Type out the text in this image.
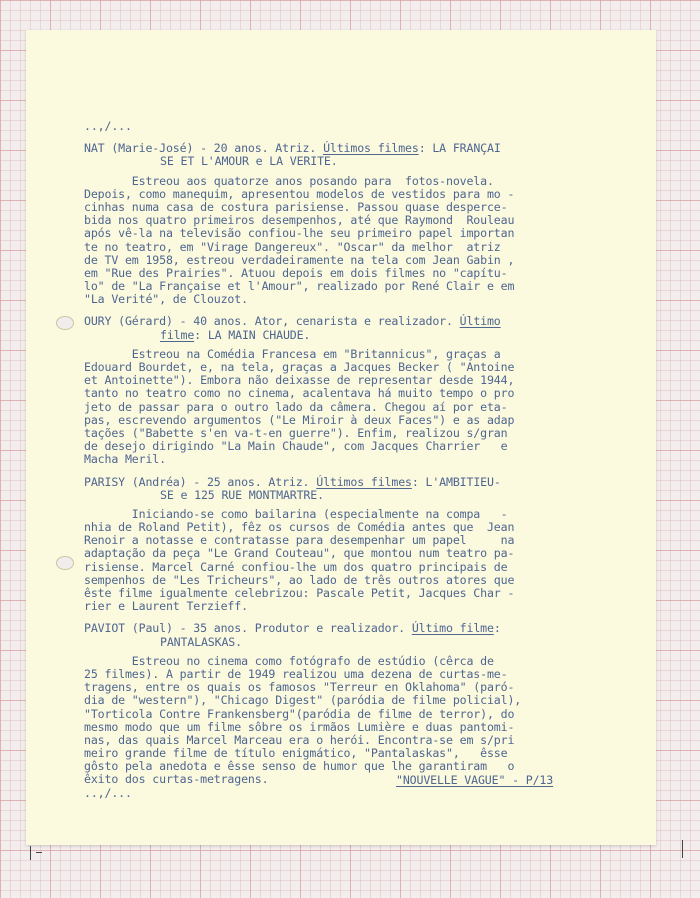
..,/...
NAT (Marie-José) - 20 anos. Atriz. Últimos filmes: LA FRANÇAI
SE ET L'AMOUR e LA VERITE.
Estreou aos quatorze anos posando para  fotos-novela.
Depois, como manequim, apresentou modelos de vestidos para mo -
cinhas numa casa de costura parisiense. Passou quase desperce-
bida nos quatro primeiros desempenhos, até que Raymond  Rouleau
após vê-la na televisão confiou-lhe seu primeiro papel importan
te no teatro, em "Virage Dangereux". "Oscar" da melhor  atriz
de TV em 1958, estreou verdadeiramente na tela com Jean Gabin ,
em "Rue des Prairies". Atuou depois em dois filmes no "capítu-
lo" de "La Française et l'Amour", realizado por René Clair e em
"La Verité", de Clouzot.
OURY (Gérard) - 40 anos. Ator, cenarista e realizador. Último
filme: LA MAIN CHAUDE.
Estreou na Comédia Francesa em "Britannicus", graças a
Edouard Bourdet, e, na tela, graças a Jacques Becker ( "Antoine
et Antoinette"). Embora não deixasse de representar desde 1944,
tanto no teatro como no cinema, acalentava há muito tempo o pro
jeto de passar para o outro lado da câmera. Chegou aí por eta-
pas, escrevendo argumentos ("Le Miroir à deux Faces") e as adap
tações ("Babette s'en va-t-en guerre"). Enfim, realizou s/gran
de desejo dirigindo "La Main Chaude", com Jacques Charrier   e
Macha Meril.
PARISY (Andréa) - 25 anos. Atriz. Últimos filmes: L'AMBITIEU-
SE e 125 RUE MONTMARTRE.
Iniciando-se como bailarina (especialmente na compa   -
nhia de Roland Petit), fêz os cursos de Comédia antes que  Jean
Renoir a notasse e contratasse para desempenhar um papel     na
adaptação da peça "Le Grand Couteau", que montou num teatro pa-
risiense. Marcel Carné confiou-lhe um dos quatro principais de
sempenhos de "Les Tricheurs", ao lado de três outros atores que
êste filme igualmente celebrizou: Pascale Petit, Jacques Char -
rier e Laurent Terzieff.
PAVIOT (Paul) - 35 anos. Produtor e realizador. Último filme:
PANTALASKAS.
Estreou no cinema como fotógrafo de estúdio (cêrca de
25 filmes). A partir de 1949 realizou uma dezena de curtas-me-
tragens, entre os quais os famosos "Terreur en Oklahoma" (paró-
dia de "western"), "Chicago Digest" (paródia de filme policial),
"Torticola Contre Frankensberg"(paródia de filme de terror), do
mesmo modo que um filme sôbre os irmãos Lumière e duas pantomi-
nas, das quais Marcel Marceau era o herói. Encontra-se em s/pri
meiro grande filme de título enigmático, "Pantalaskas",   êsse
gôsto pela anedota e êsse senso de humor que lhe garantiram   o
êxito dos curtas-metragens.	"NOUVELLE VAGUE" - P/13
..,/...
